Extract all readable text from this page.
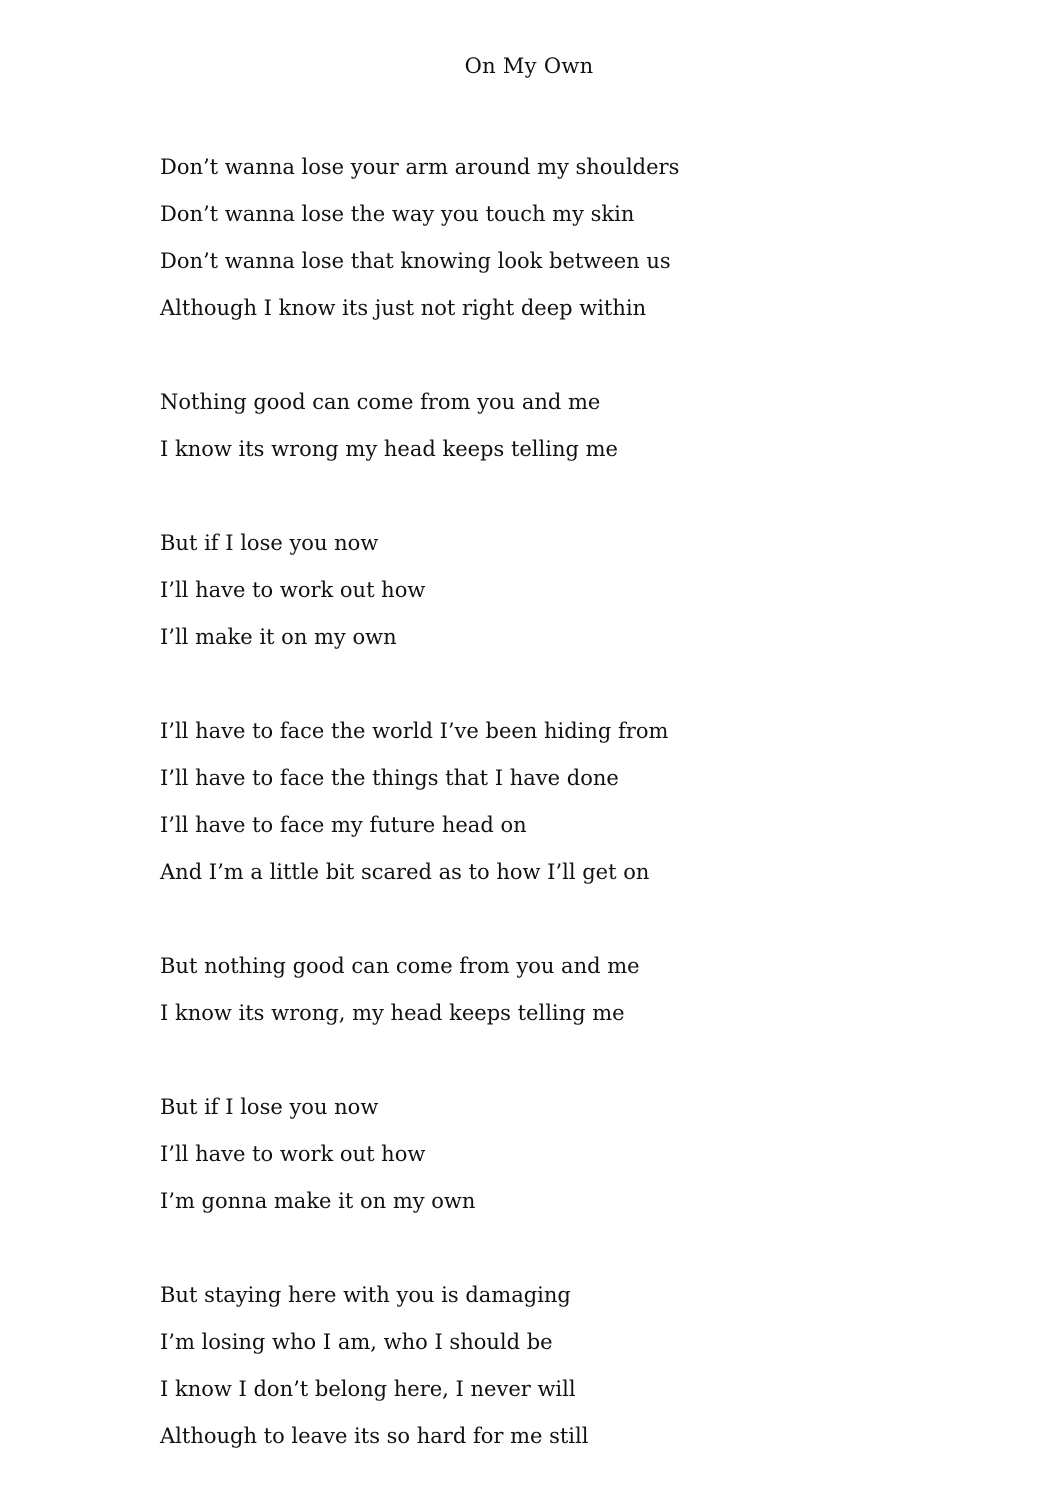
On My Own
Don’t wanna lose your arm around my shoulders
Don’t wanna lose the way you touch my skin
Don’t wanna lose that knowing look between us
Although I know its just not right deep within
Nothing good can come from you and me
I know its wrong my head keeps telling me
But if I lose you now
I’ll have to work out how
I’ll make it on my own
I’ll have to face the world I’ve been hiding from
I’ll have to face the things that I have done
I’ll have to face my future head on
And I’m a little bit scared as to how I’ll get on
But nothing good can come from you and me
I know its wrong, my head keeps telling me
But if I lose you now
I’ll have to work out how
I’m gonna make it on my own
But staying here with you is damaging
I’m losing who I am, who I should be
I know I don’t belong here, I never will
Although to leave its so hard for me still
